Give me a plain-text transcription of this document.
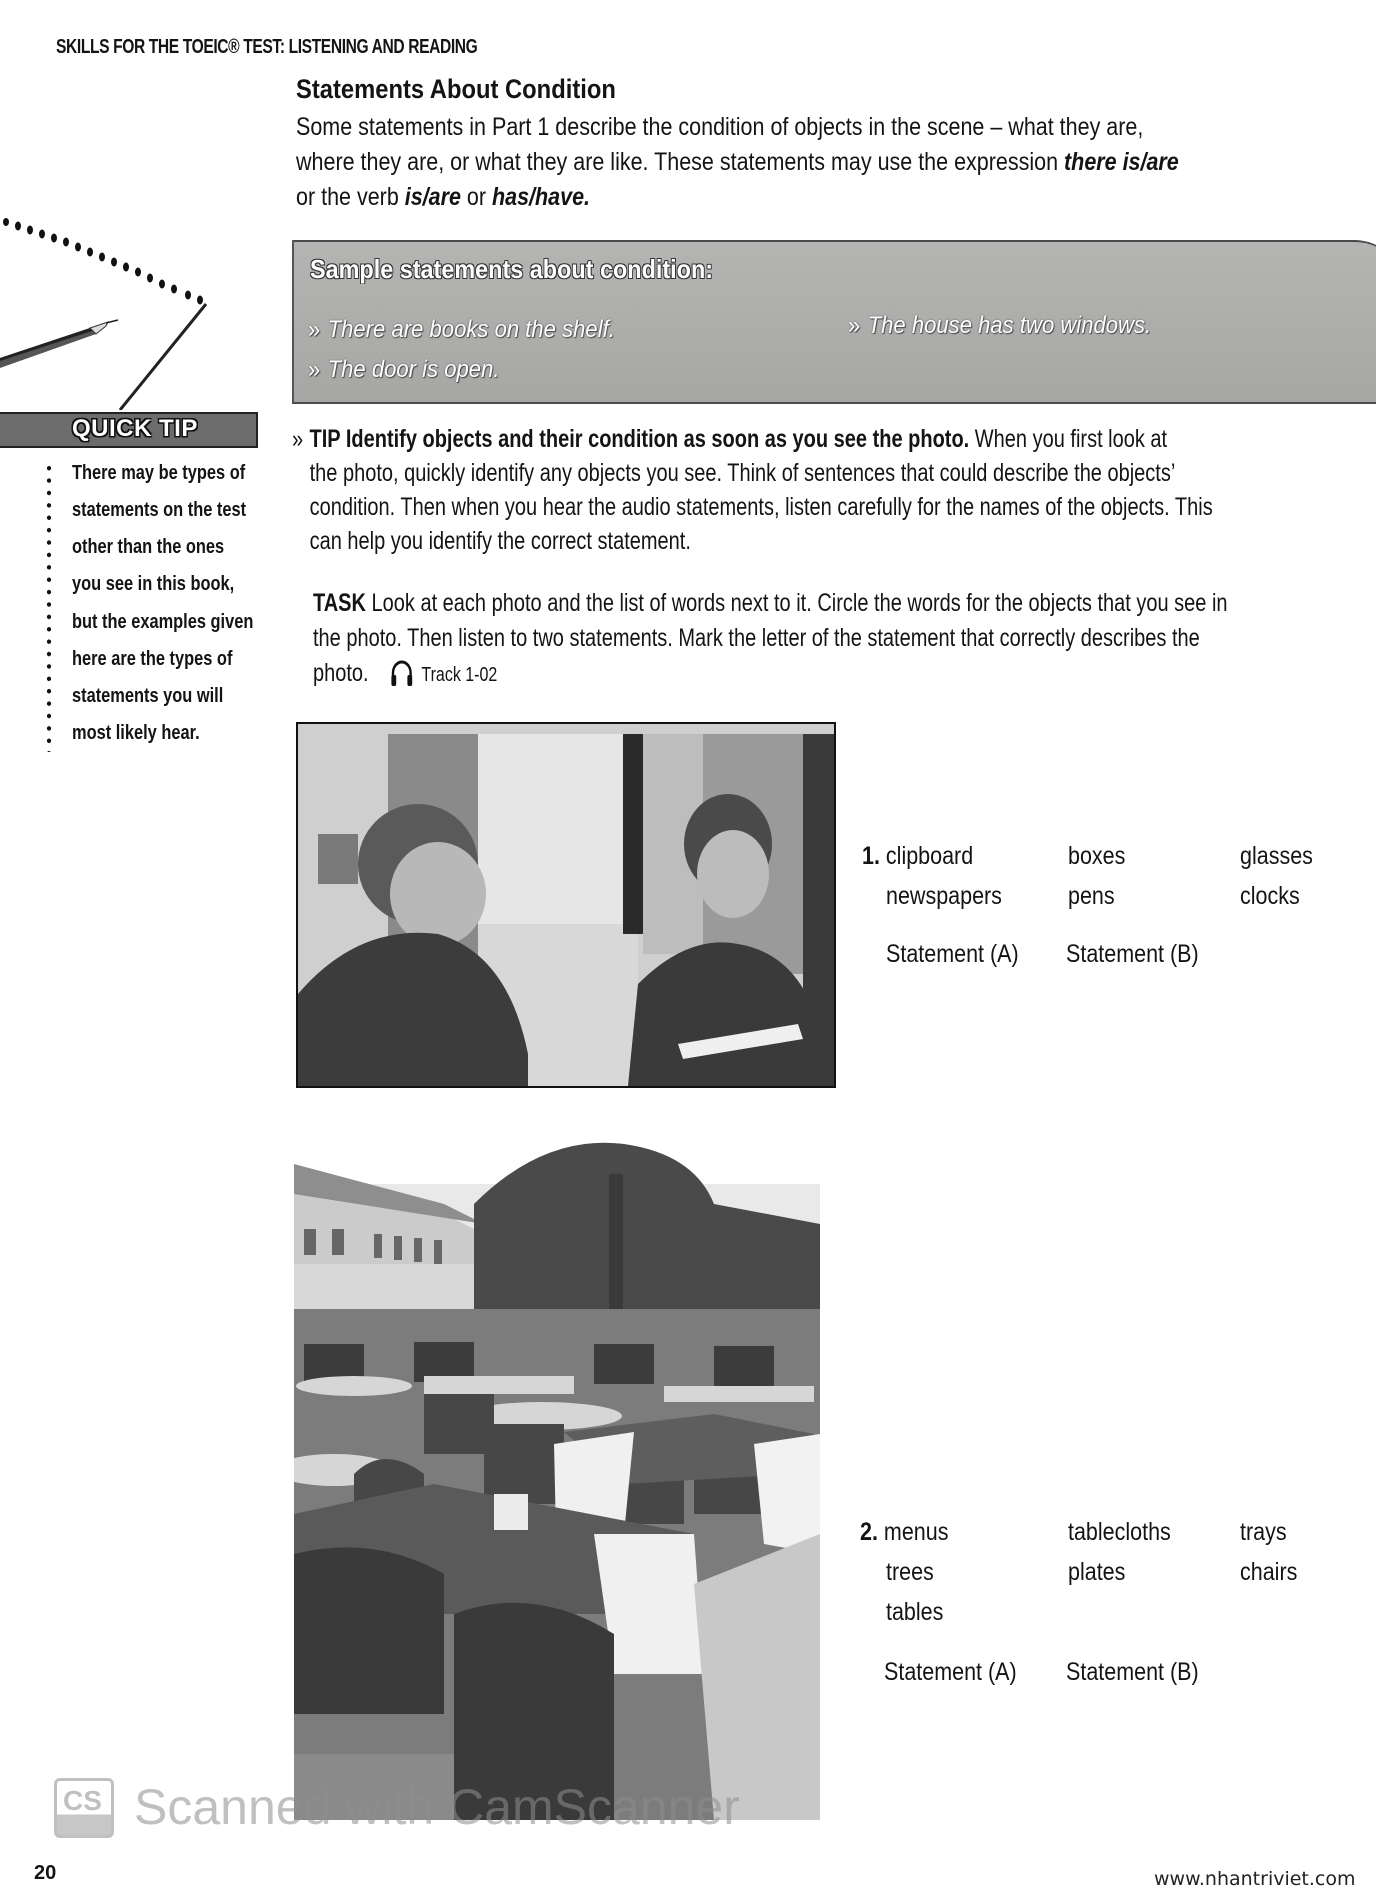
SKILLS FOR THE TOEIC® TEST: LISTENING AND READING
Statements About Condition
Some statements in Part 1 describe the condition of objects in the scene – what they are,
where they are, or what they are like. These statements may use the expression there is/are
or the verb is/are or has/have.
Sample statements about condition:
» There are books on the shelf.	» The house has two windows.
» The door is open.
QUICK TIP
There may be types of
statements on the test
other than the ones
you see in this book,
but the examples given
here are the types of
statements you will
most likely hear.
» TIP Identify objects and their condition as soon as you see the photo. When you first look at
the photo, quickly identify any objects you see. Think of sentences that could describe the objects’
condition. Then when you hear the audio statements, listen carefully for the names of the objects. This
can help you identify the correct statement.
TASK Look at each photo and the list of words next to it. Circle the words for the objects that you see in
the photo. Then listen to two statements. Mark the letter of the statement that correctly describes the
photo.	Track 1-02
1. clipboard	boxes	glasses
newspapers	pens	clocks
Statement (A) Statement (B)
2. menus	tablecloths	trays
trees	plates	chairs
tables
Statement (A) Statement (B)
CS Scanned with CamScanner
20	www.nhantriviet.com
